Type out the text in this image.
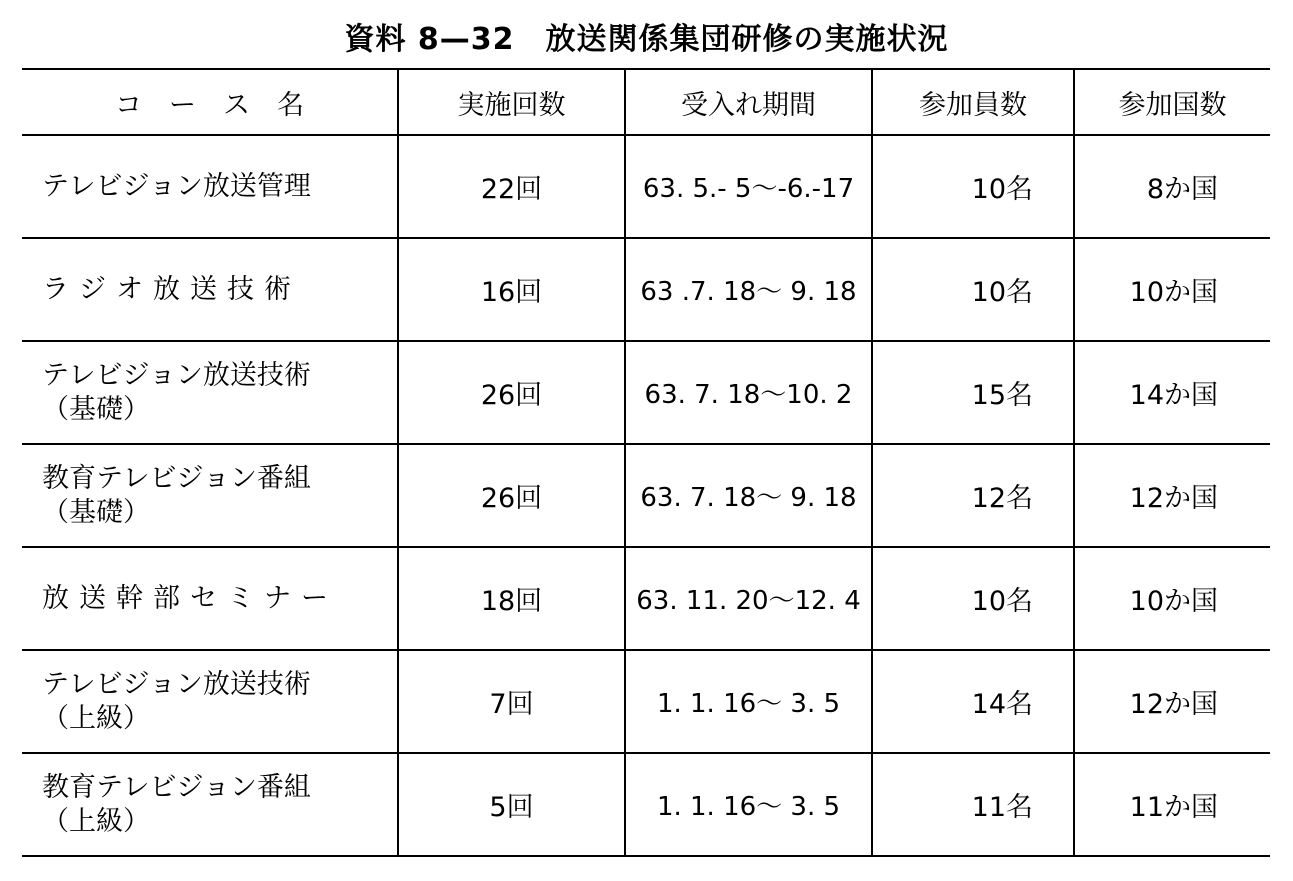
資料 8—32　放送関係集団研修の実施状況
コ　ー　ス　名	実施回数	受入れ期間	参加員数	参加国数

テレビジョン放送管理	22回	63. 5.- 5～-6.-17	10名	8か国

ラジオ放送技術	16回	63 .7. 18～ 9. 18	10名	10か国

テレビジョン放送技術
（基礎）	26回	63. 7. 18～10. 2	15名	14か国

教育テレビジョン番組
（基礎）	26回	63. 7. 18～ 9. 18	12名	12か国

放送幹部セミナー	18回	63. 11. 20～12. 4	10名	10か国

テレビジョン放送技術
（上級）	7回	1. 1. 16～ 3. 5	14名	12か国

教育テレビジョン番組
（上級）	5回	1. 1. 16～ 3. 5	11名	11か国
